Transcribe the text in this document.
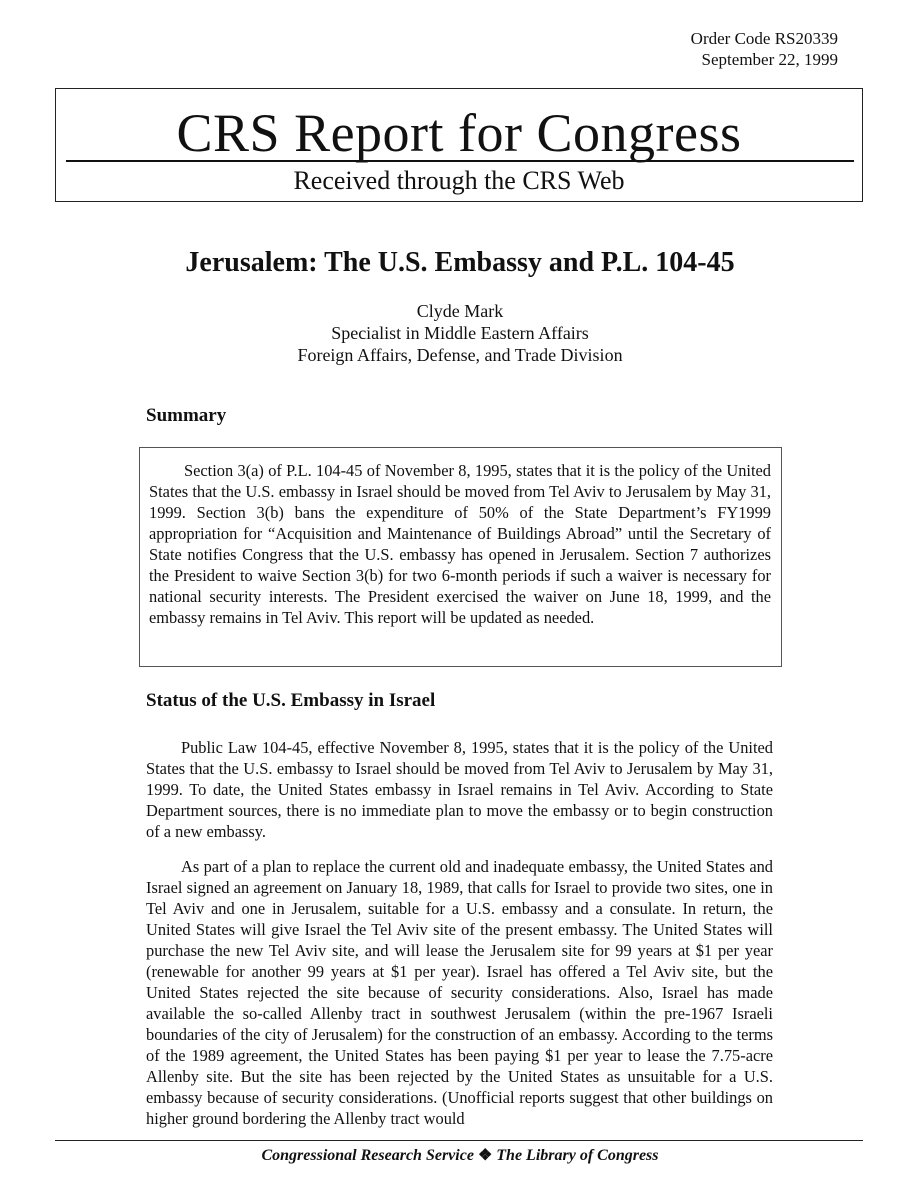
Order Code RS20339
September 22, 1999
CRS Report for Congress
Received through the CRS Web
Jerusalem: The U.S. Embassy and P.L. 104-45
Clyde Mark
Specialist in Middle Eastern Affairs
Foreign Affairs, Defense, and Trade Division
Summary

Section 3(a) of P.L. 104-45 of November 8, 1995, states that it is the policy of the United States that the U.S. embassy in Israel should be moved from Tel Aviv to Jerusalem by May 31, 1999. Section 3(b) bans the expenditure of 50% of the State Department’s FY1999 appropriation for “Acquisition and Maintenance of Buildings Abroad” until the Secretary of State notifies Congress that the U.S. embassy has opened in Jerusalem. Section 7 authorizes the President to waive Section 3(b) for two 6-month periods if such a waiver is necessary for national security interests. The President exercised the waiver on June 18, 1999, and the embassy remains in Tel Aviv. This report will be updated as needed.

Status of the U.S. Embassy in Israel

Public Law 104-45, effective November 8, 1995, states that it is the policy of the United States that the U.S. embassy to Israel should be moved from Tel Aviv to Jerusalem by May 31, 1999. To date, the United States embassy in Israel remains in Tel Aviv. According to State Department sources, there is no immediate plan to move the embassy or to begin construction of a new embassy.

As part of a plan to replace the current old and inadequate embassy, the United States and Israel signed an agreement on January 18, 1989, that calls for Israel to provide two sites, one in Tel Aviv and one in Jerusalem, suitable for a U.S. embassy and a consulate. In return, the United States will give Israel the Tel Aviv site of the present embassy. The United States will purchase the new Tel Aviv site, and will lease the Jerusalem site for 99 years at $1 per year (renewable for another 99 years at $1 per year). Israel has offered a Tel Aviv site, but the United States rejected the site because of security considerations. Also, Israel has made available the so-called Allenby tract in southwest Jerusalem (within the pre-1967 Israeli boundaries of the city of Jerusalem) for the construction of an embassy. According to the terms of the 1989 agreement, the United States has been paying $1 per year to lease the 7.75-acre Allenby site. But the site has been rejected by the United States as unsuitable for a U.S. embassy because of security considerations. (Unofficial reports suggest that other buildings on higher ground bordering the Allenby tract would

Congressional Research Service ❖ The Library of Congress
